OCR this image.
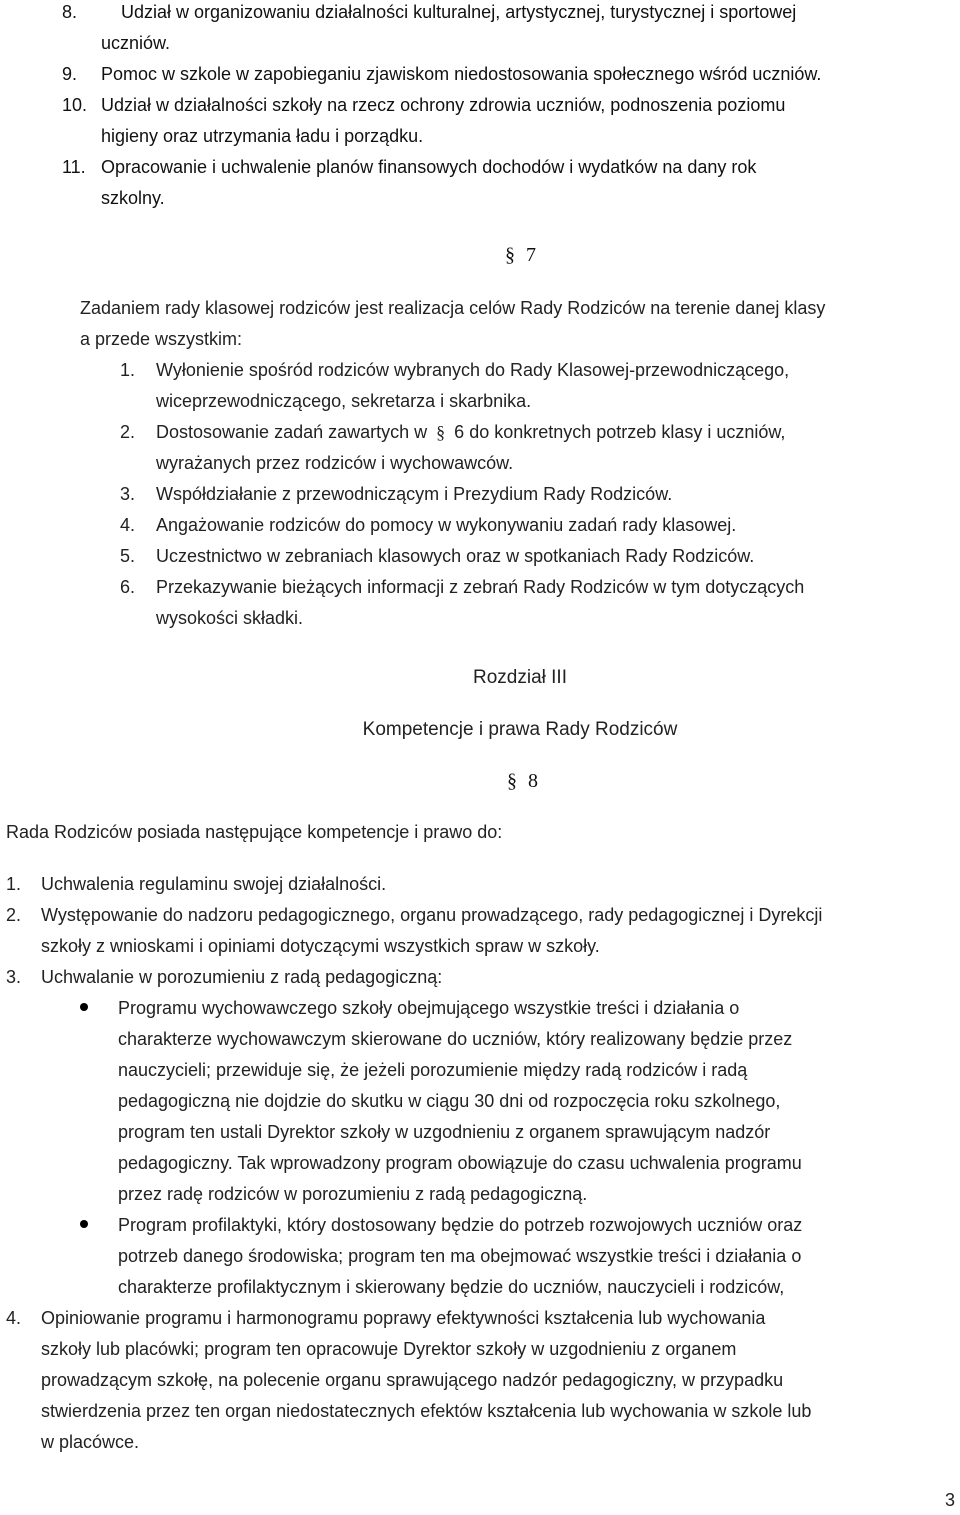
8. Udział w organizowaniu działalności kulturalnej, artystycznej, turystycznej i sportowej
uczniów.
9. Pomoc w szkole w zapobieganiu zjawiskom niedostosowania społecznego wśród uczniów.
10. Udział w działalności szkoły na rzecz ochrony zdrowia uczniów, podnoszenia poziomu
higieny oraz utrzymania ładu i porządku.
11. Opracowanie i uchwalenie planów finansowych dochodów i wydatków na dany rok
szkolny.
§ 7
Zadaniem rady klasowej rodziców jest realizacja celów Rady Rodziców na terenie danej klasy
a przede wszystkim:
1. Wyłonienie spośród rodziców wybranych do Rady Klasowej-przewodniczącego,
wiceprzewodniczącego, sekretarza i skarbnika.
2. Dostosowanie zadań zawartych w § 6 do konkretnych potrzeb klasy i uczniów,
wyrażanych przez rodziców i wychowawców.
3. Współdziałanie z przewodniczącym i Prezydium Rady Rodziców.
4. Angażowanie rodziców do pomocy w wykonywaniu zadań rady klasowej.
5. Uczestnictwo w zebraniach klasowych oraz w spotkaniach Rady Rodziców.
6. Przekazywanie bieżących informacji z zebrań Rady Rodziców w tym dotyczących
wysokości składki.
Rozdział III
Kompetencje i prawa Rady Rodziców
§ 8
Rada Rodziców posiada następujące kompetencje i prawo do:
1. Uchwalenia regulaminu swojej działalności.
2. Występowanie do nadzoru pedagogicznego, organu prowadzącego, rady pedagogicznej i Dyrekcji
szkoły z wnioskami i opiniami dotyczącymi wszystkich spraw w szkoły.
3. Uchwalanie w porozumieniu z radą pedagogiczną:
Programu wychowawczego szkoły obejmującego wszystkie treści i działania o
charakterze wychowawczym skierowane do uczniów, który realizowany będzie przez
nauczycieli; przewiduje się, że jeżeli porozumienie między radą rodziców i radą
pedagogiczną nie dojdzie do skutku w ciągu 30 dni od rozpoczęcia roku szkolnego,
program ten ustali Dyrektor szkoły w uzgodnieniu z organem sprawującym nadzór
pedagogiczny. Tak wprowadzony program obowiązuje do czasu uchwalenia programu
przez radę rodziców w porozumieniu z radą pedagogiczną.
Program profilaktyki, który dostosowany będzie do potrzeb rozwojowych uczniów oraz
potrzeb danego środowiska; program ten ma obejmować wszystkie treści i działania o
charakterze profilaktycznym i skierowany będzie do uczniów, nauczycieli i rodziców,
4. Opiniowanie programu i harmonogramu poprawy efektywności kształcenia lub wychowania
szkoły lub placówki; program ten opracowuje Dyrektor szkoły w uzgodnieniu z organem
prowadzącym szkołę, na polecenie organu sprawującego nadzór pedagogiczny, w przypadku
stwierdzenia przez ten organ niedostatecznych efektów kształcenia lub wychowania w szkole lub
w placówce.
3
